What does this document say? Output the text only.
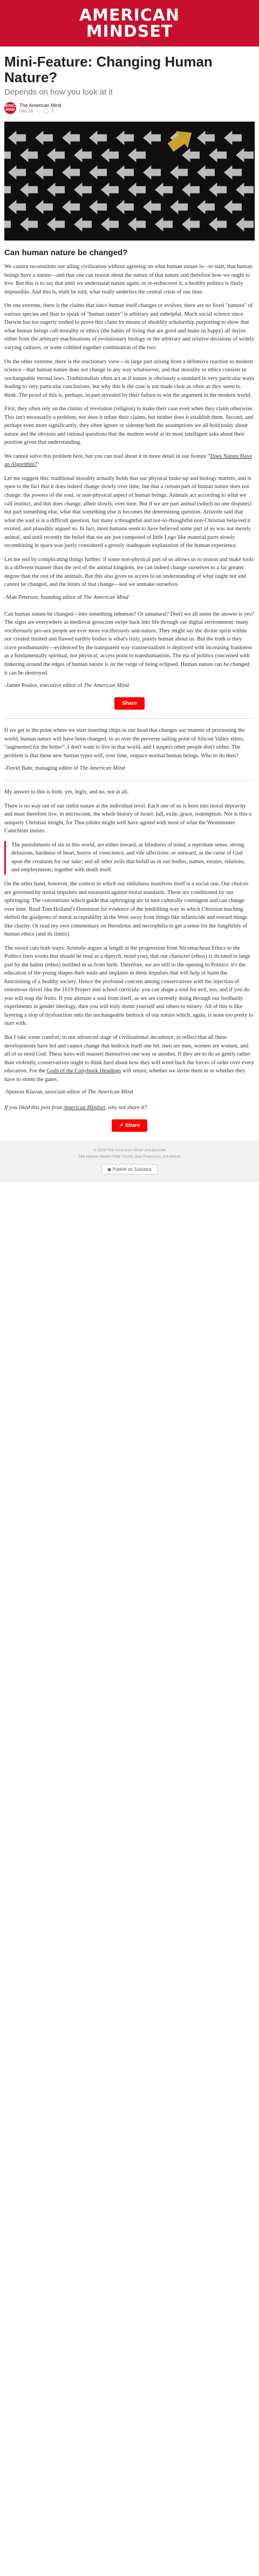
AMERICAN
MINDSET
Mini-Feature: Changing Human Nature?
Depends on how you look at it
AMERICAN MIND
The American Mind
Dec 16 ♡ ◯ ⇪
Can human nature be changed?

We cannot reconstitute our ailing civilization without agreeing on what human nature is—to start, that human beings have a nature—and that one can reason about the nature of that nature and therefore how we ought to live. But this is to say that until we understand nature again, or re-rediscover it, a healthy politics is likely impossible. And this is, truth be told, what really underlies the central crisis of our time.

On one extreme, there is the claims that since human itself changes or evolves, there are no fixed "natures" of various species and thus to speak of "human nature" is arbitrary and unhelpful. Much social science since Darwin has too eagerly rushed to prove this claim by means of shoddily scholarship purporting to show that what human beings call morality or ethics (the habits of living that are good and make us happy) all derive either from the arbitrary machinations of evolutionary biology or the arbitrary and relative decisions of widely varying cultures, or some cobbled together combination of the two.

On the other extreme, there is the reactionary view—in large part arising from a defensive reaction to modern science—that human nature does not change in any way whatsoever, and that morality or ethics consists in unchangeable eternal laws. Traditionalists often act as if nature is obviously a standard in very particular ways leading to very particular conclusions, but why this is the case is not made clear as often as they seem to think. The proof of this is, perhaps, in part revealed by their failure to win the argument in the modern world.

First, they often rely on the claims of revelation (religion) to make their case even when they claim otherwise. This isn't necessarily a problem, nor does it refute their claims, but neither does it establish them. Second, and perhaps even more significantly, they often ignore or sidestep both the assumptions we all hold today about nature and the obvious and rational questions that the modern world at its most intelligent asks about their position given that understanding.

We cannot solve this problem here, but you can read about it in more detail in our feature "Does Nature Have an Algorithm?"

Let me suggest this: traditional morality actually holds that our physical make-up and biology matters, and is open to the fact that it does indeed change slowly over time, but that a certain part of human nature does not change: the powers of the soul, or non-physical aspect of human beings. Animals act according to what we call instinct, and this does change, albeit slowly, over time. But if we are part animal (which no one disputes) but part something else, what that something else is becomes the determining question. Aristotle said that what the soul is is a difficult question, but many a thoughtful and not-so-thoughtful non-Christian believed it existed, and plausibly argued so. In fact, most humans seem to have believed some part of us was not merely animal, and until recently the belief that we are just composed of little Lego like material parts slowly recombining in space was justly considered a grossly inadequate explanation of the human experience.

Let me end by complicating things further: if some non-physical part of us allows us to reason and make tools in a different manner than the rest of the animal kingdom, we can indeed change ourselves to a far greater degree than the rest of the animals. But this also gives us access to an understanding of what ought not and cannot be changed, and the limits of that change—lest we unmake ourselves.

-Matt Peterson, founding editor of The American Mind

Can human nature be changed—into something inhuman? Or unnatural? Don't we all sense the answer is yes? The signs are everywhere as medieval geoscism swipe back into life through our digital environment: many vociferously pro-sex people are ever more vociferously anti-nature. They might say the divine spirit within our created limited and flawed earthly bodies is what's truly, purely human about us. But the truth is they crave posthumanity—evidenced by the transparent way transsexualism is deployed with increasing frankness as a fundamentally spiritual, not physical, access point to transhumanism. The eta of politics concerned with tinkering around the edges of human nature is on the verge of being eclipsed. Human nature can be changed: it can be destroyed.

-James Poulos, executive editor of The American Mind
Share

If we get to the point where we start inserting chips in our head that changes our manner of processing the world, human nature will have been changed, to us over the perverse sailing point of Silicon Valley elites, "augmented for the better". I don't want to live in that world, and I suspect other people don't either. The problem is that these new human types will, over time, outpace normal human beings. Who to do then?

-David Bahr, managing editor of The American Mind

My answer to this is both: yes, higly, and no, not at all.

There is no way out of our sinful nature at the individual level. Each one of us is born into moral depravity and must therefore live, in microcosm, the whole history of Israel: fall, exile, grace, redemption. Nor is this a uniquely Christian insight, for Thucydides might well have agreed with most of what the Westminster Catechism insists:

The punishments of sin in this world, are either inward, as blindness of mind, a reprobate sense, strong delusions, hardness of heart, horror of conscience, and vile affections: or outward, as the curse of God upon the creatures for our sake; and all other evils that befall us in our bodies, names, estates, relations, and employments; together with death itself.

On the other hand, however, the context in which our sinfulness manifests itself is a social one. Our choices are governed by moral impulses and measured against moral standards. These are conditioned by our upbringing. The conventions which guide that upbringing are in turn culturally contingent and can change over time. Read Tom Holland's Dominion for evidence of the tendrilling way in which Christian teaching shifted the goalposts of moral acceptability in the West away from things like infanticide and toward things like charity. Or read my own commentary on Herodotus and necrophilia to get a sense for the fungibility of human ethics (and its limits).

The sword cuts both ways: Aristotle argues at length in the progression from Nicomachean Ethics to the Politics (two works that should be read as a diptych, mind you), that our character (ethos) is dictated in large part by the habits (ethos) instilled in us from birth. Therefore, we are still to the opening to Politics: it's the education of the young shapes their souls and implants in them impulses that will help or harm the functioning of a healthy society. Hence the profound concern among conservatives with the injection of venomous drivel like the 1619 Project into school curricula: you can shape a soul for evil, too, and if you do you will reap the fruits. If you alienate a soul from itself, as we are currently doing through our foolhardy experiments in gender ideology, then you will truly doom yourself and others to misery. All of this is like layering a slop of dysfunction onto the unchangeable bedrock of our nature which, again, is none too pretty to start with.

But I take some comfort, in our advanced stage of civilizational decadence, to reflect that all these developments have led and cannot change that bedrock itself one bit: men are men, women are women, and all of us need God. These lures will reassert themselves one way or another. If they are to do so gently rather than violently, conservatives ought to think hard about how they will weed back the forces of order over every education. For the Gods of the Copybook Headings will return, whether we invite them in or whether they have to storm the gates.

-Spencer Klavan, associate editor of The American Mind
If you liked this post from American Mindset, why not share it?
↗ Share
© 2020 The American Mind Unsubscribe
548 Market Street PMB 72296, San Francisco, CA 94104
▣ Publish on Substack
